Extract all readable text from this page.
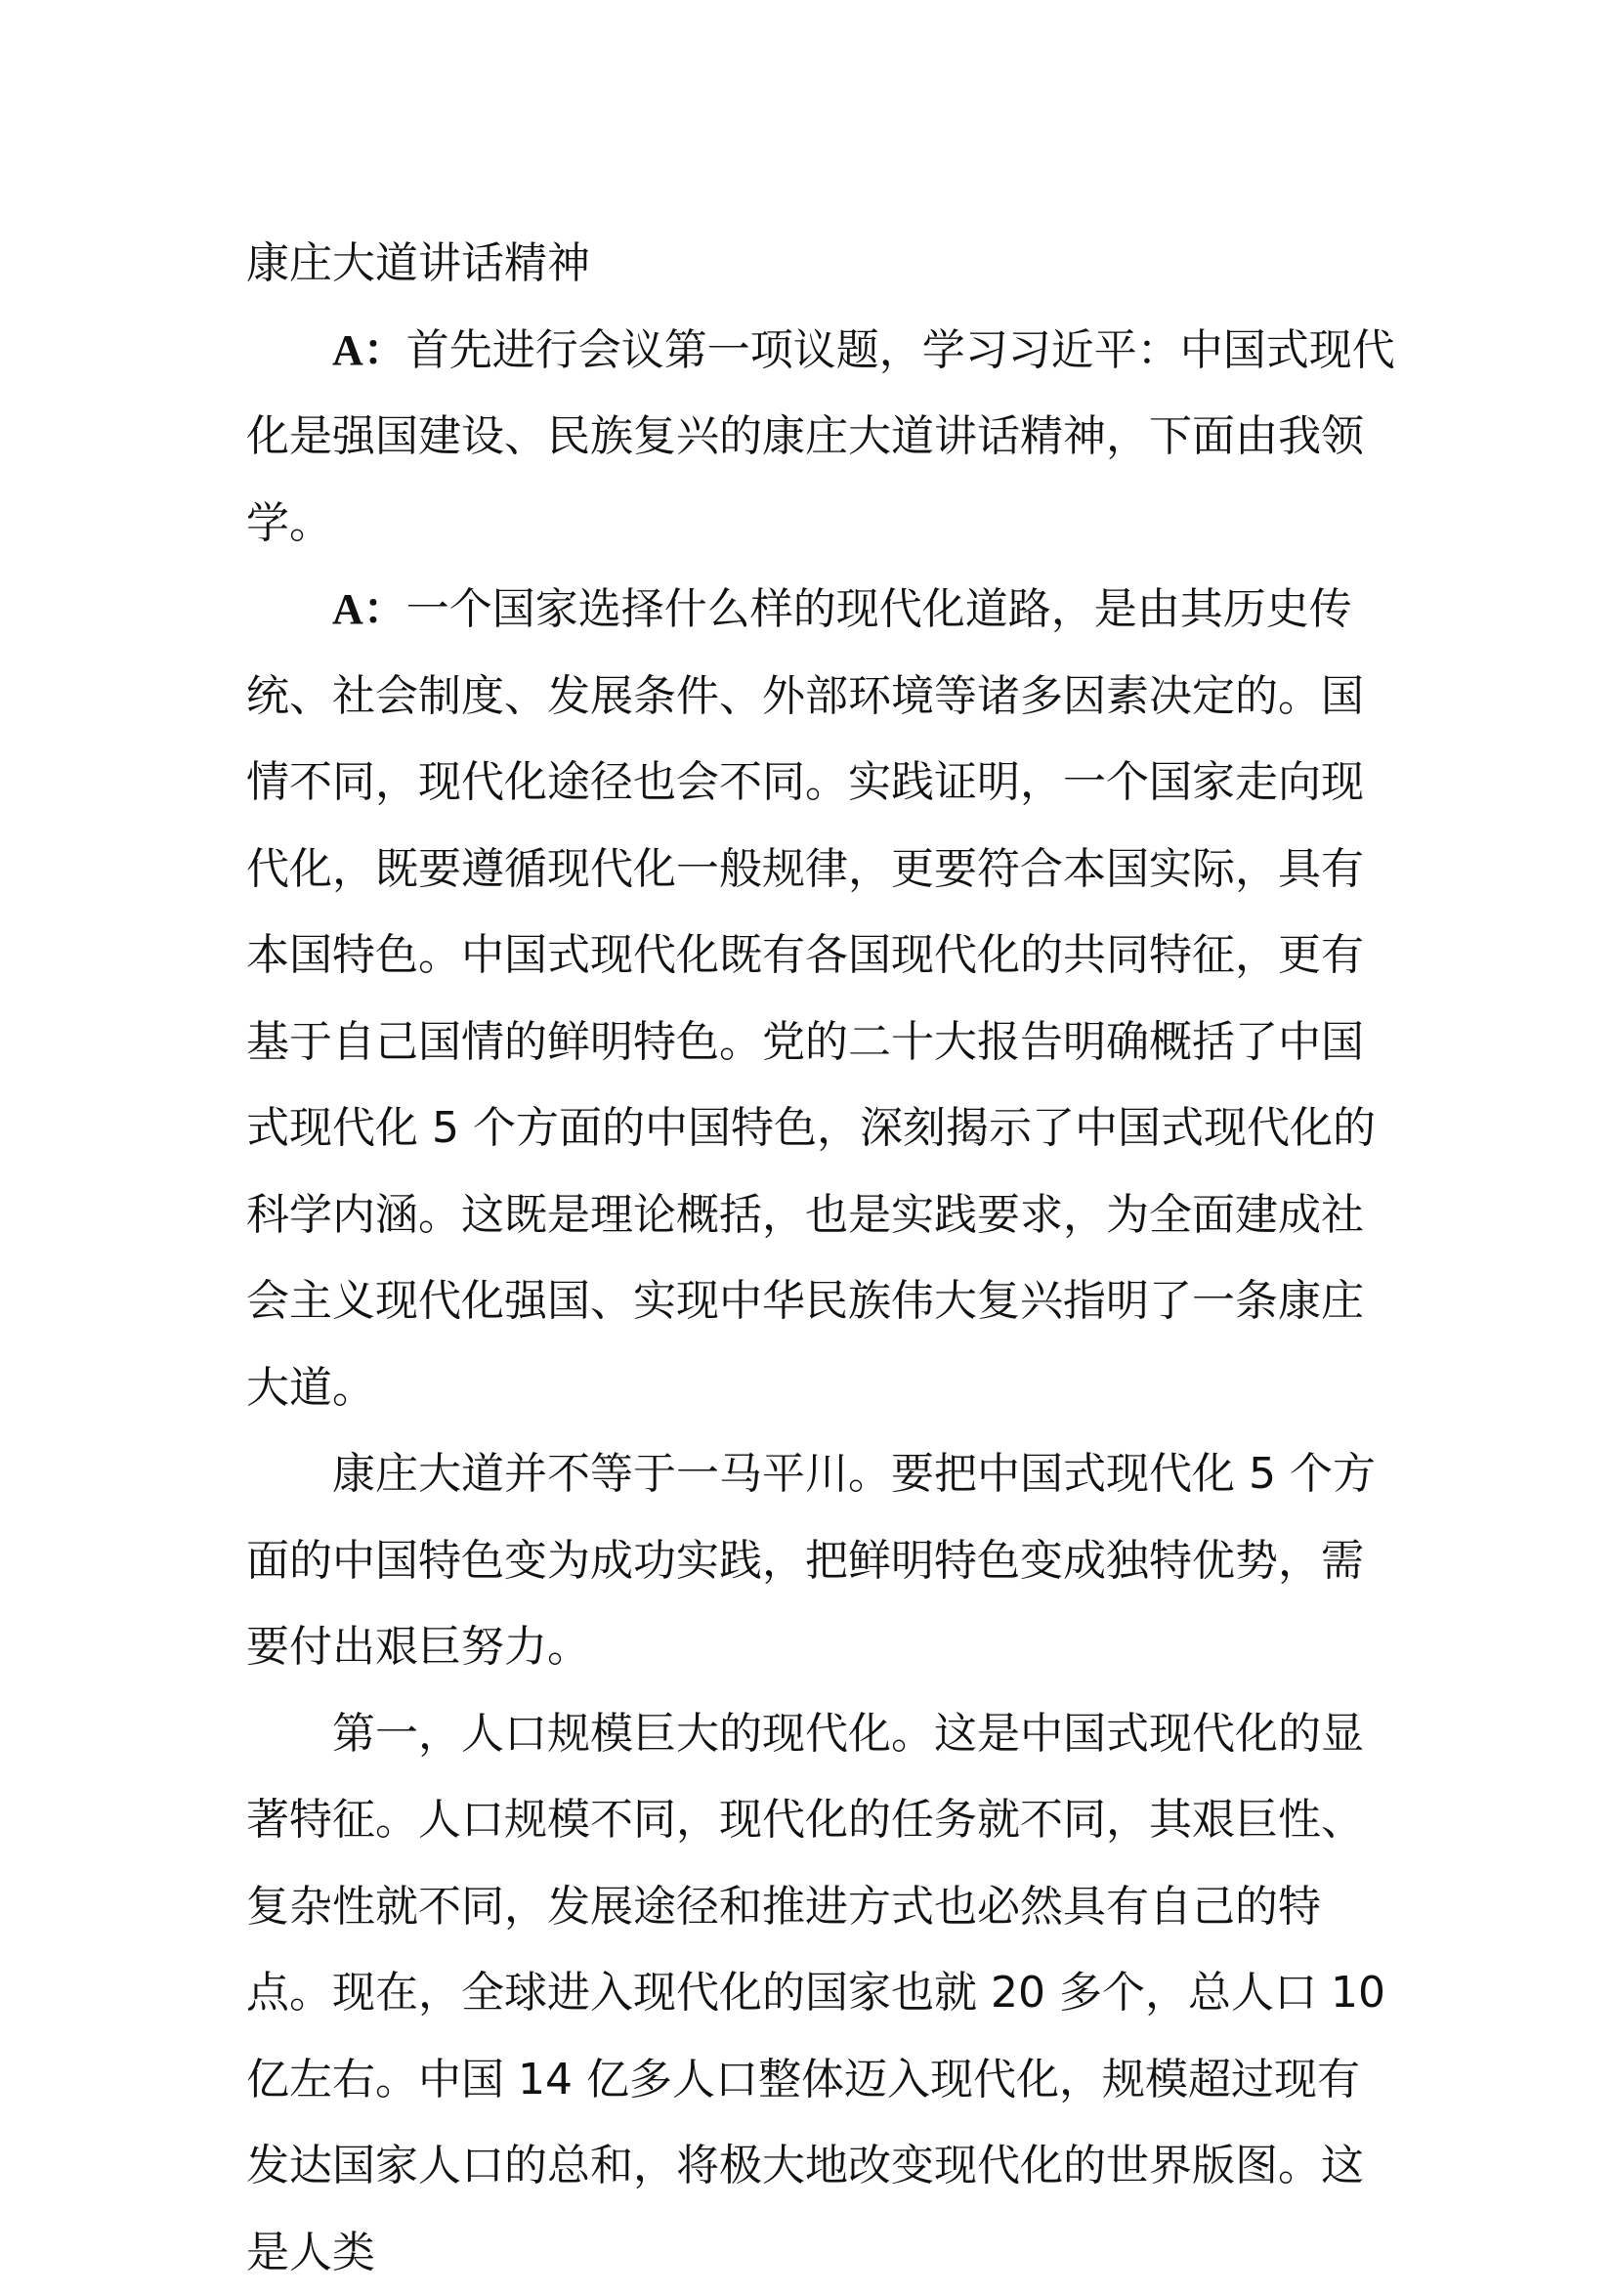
康庄大道讲话精神

A：首先进行会议第一项议题，学习习近平：中国式现代化是强国建设、民族复兴的康庄大道讲话精神，下面由我领学。

A：一个国家选择什么样的现代化道路，是由其历史传统、社会制度、发展条件、外部环境等诸多因素决定的。国情不同，现代化途径也会不同。实践证明，一个国家走向现代化，既要遵循现代化一般规律，更要符合本国实际，具有本国特色。中国式现代化既有各国现代化的共同特征，更有基于自己国情的鲜明特色。党的二十大报告明确概括了中国式现代化 5 个方面的中国特色，深刻揭示了中国式现代化的科学内涵。这既是理论概括，也是实践要求，为全面建成社会主义现代化强国、实现中华民族伟大复兴指明了一条康庄大道。

康庄大道并不等于一马平川。要把中国式现代化 5 个方面的中国特色变为成功实践，把鲜明特色变成独特优势，需要付出艰巨努力。

第一，人口规模巨大的现代化。这是中国式现代化的显著特征。人口规模不同，现代化的任务就不同，其艰巨性、复杂性就不同，发展途径和推进方式也必然具有自己的特点。现在，全球进入现代化的国家也就 20 多个，总人口 10 亿左右。中国 14 亿多人口整体迈入现代化，规模超过现有发达国家人口的总和，将极大地改变现代化的世界版图。这是人类
